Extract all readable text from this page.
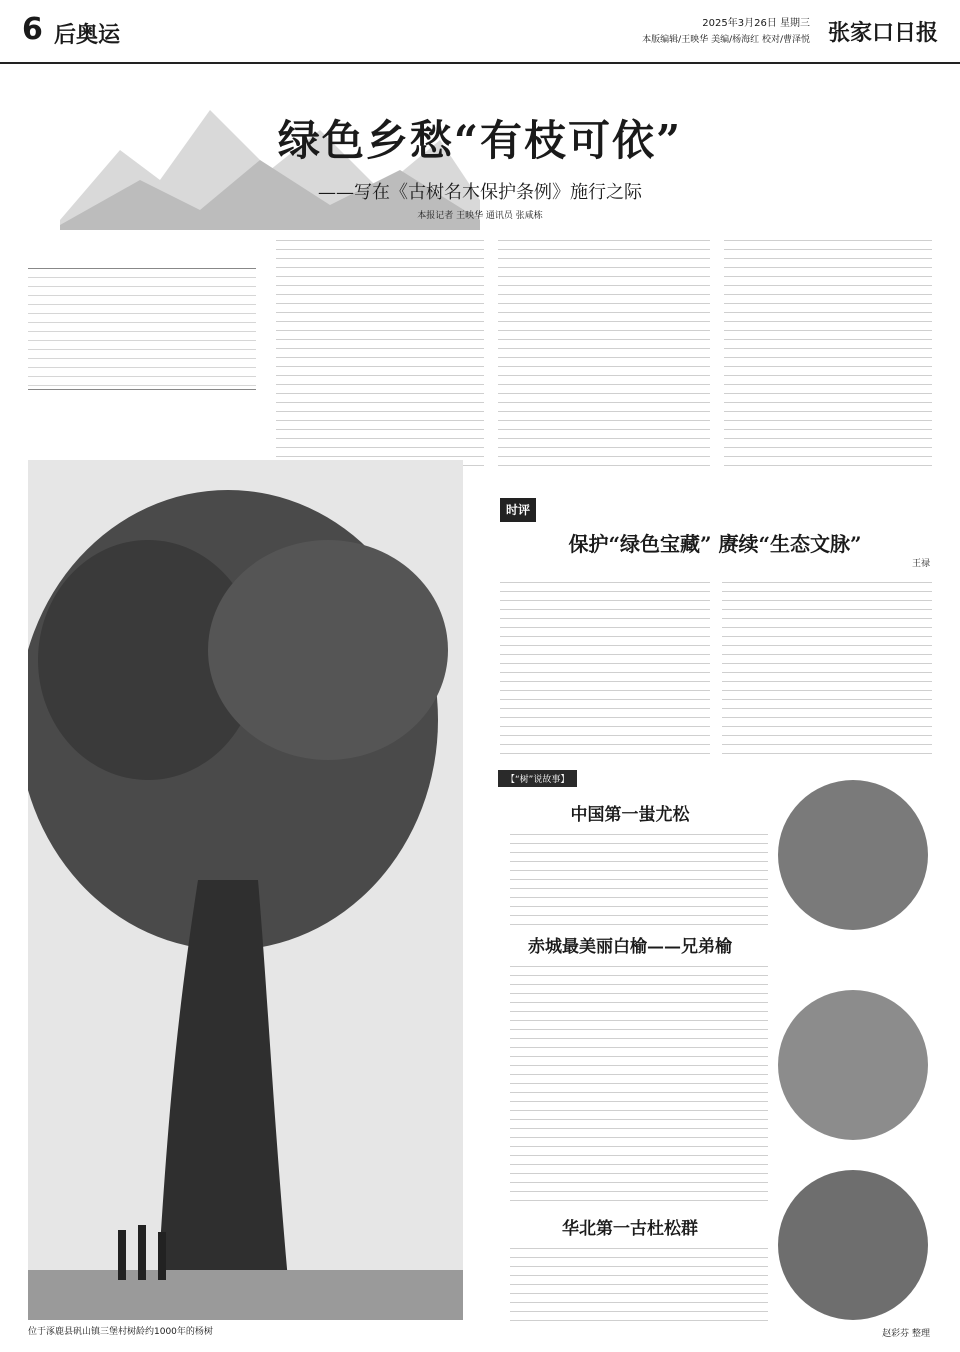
6 后奥运	2025年3月26日 星期三
本版编辑/王映华 美编/杨海红 校对/曹泽悦 张家口日报
绿色乡愁“有枝可依”
——写在《古树名木保护条例》施行之际
本报记者 王映华 通讯员 张咸栋
位于涿鹿县矾山镇三堡村树龄约1000年的杨树
时评
保护“绿色宝藏” 赓续“生态文脉”
王禄
【“树”说故事】
中国第一蚩尤松
赤城最美丽白榆——兄弟榆
华北第一古杜松群
赵彩芬 整理
